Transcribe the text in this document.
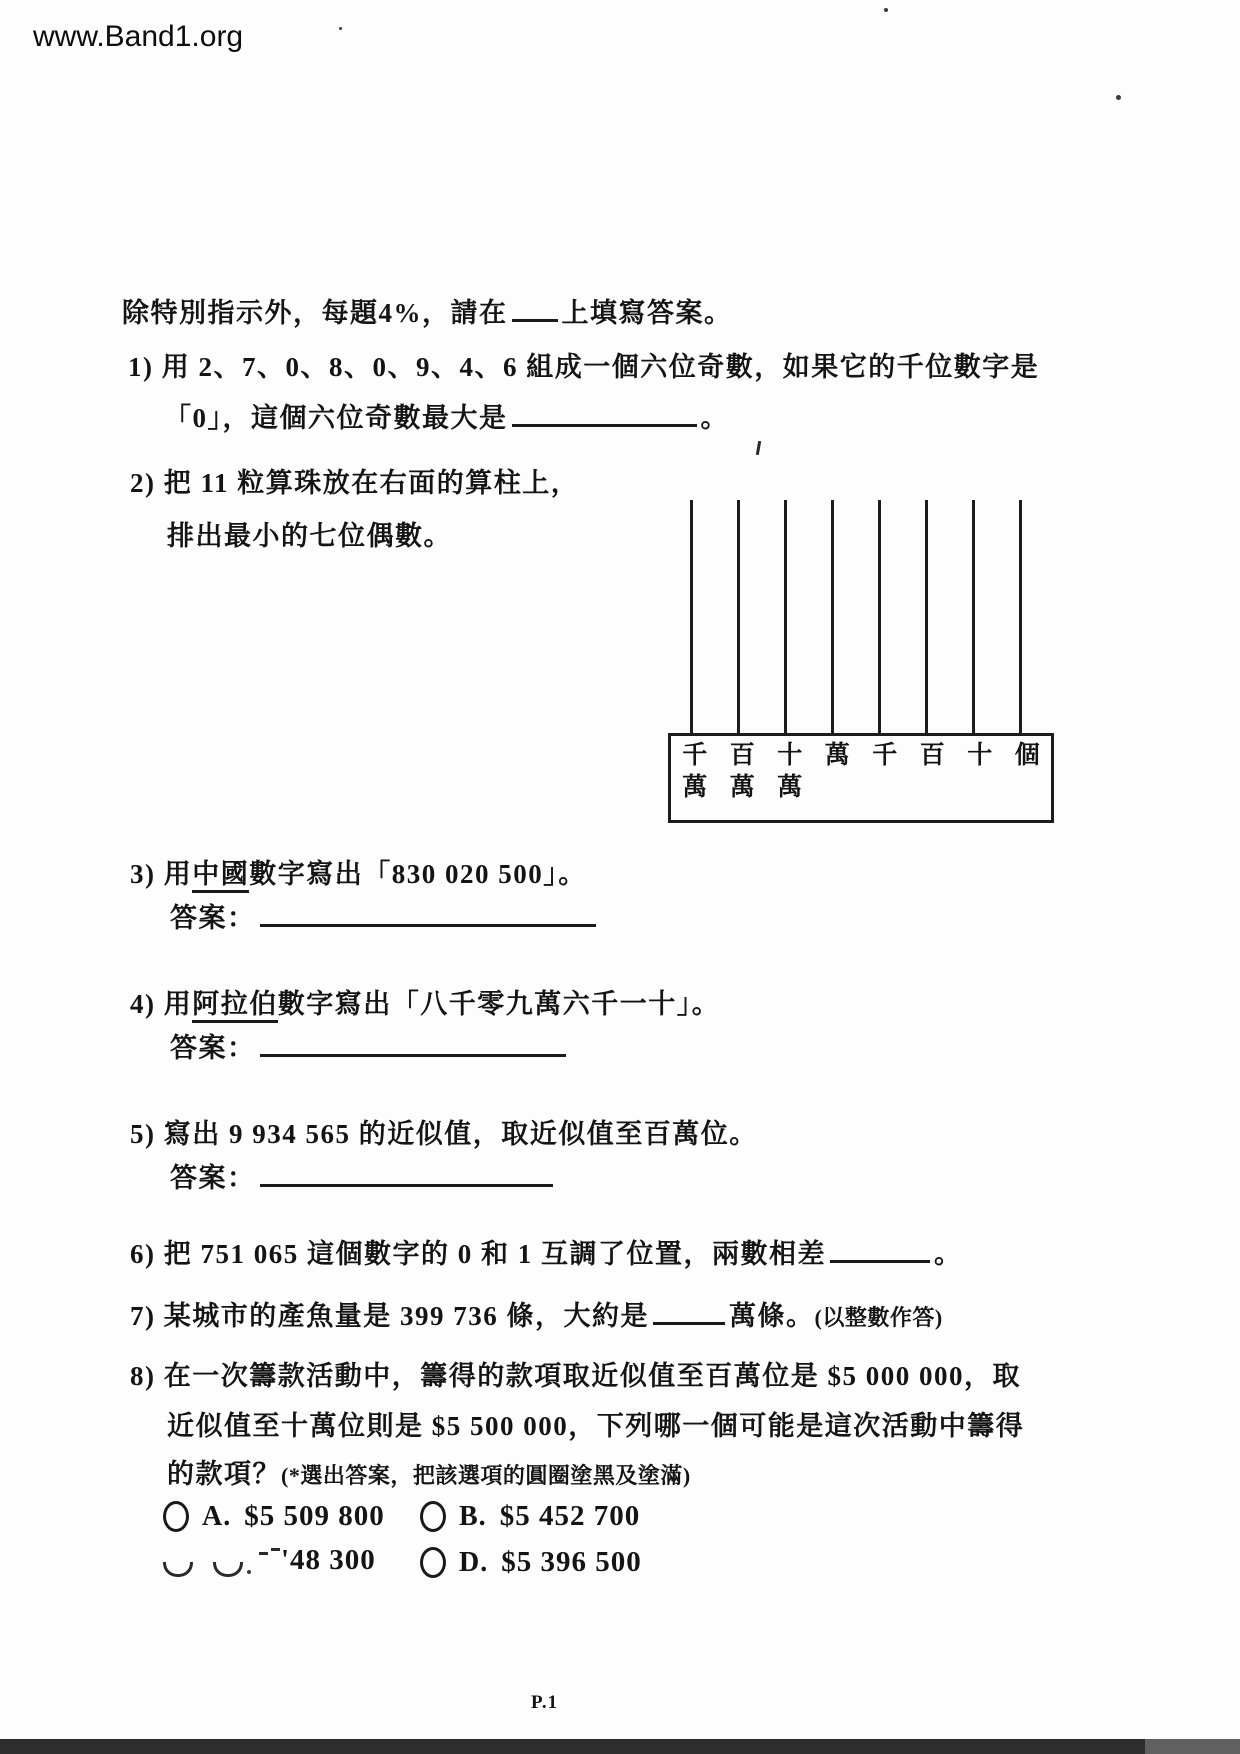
www.Band1.org
除特別指示外，每題4%，請在 上填寫答案。
1) 用 2、7、0、8、0、9、4、6 組成一個六位奇數，如果它的千位數字是
「0」，這個六位奇數最大是	。
2) 把 11 粒算珠放在右面的算柱上，
排出最小的七位偶數。
千 百 十 萬 千 百 十 個
萬 萬 萬
3) 用中國數字寫出「830 020 500」。
答案：
4) 用阿拉伯數字寫出「八千零九萬六千一十」。
答案：
5) 寫出 9 934 565 的近似值，取近似值至百萬位。
答案：
6) 把 751 065 這個數字的 0 和 1 互調了位置，兩數相差	。
7) 某城市的產魚量是 399 736 條，大約是	萬條。(以整數作答)
8) 在一次籌款活動中，籌得的款項取近似值至百萬位是 $5 000 000，取
近似值至十萬位則是 $5 500 000，下列哪一個可能是這次活動中籌得
的款項？(*選出答案，把該選項的圓圈塗黑及塗滿)
A. $5 509 800	B. $5 452 700
'48 300	D. $5 396 500
P.1
